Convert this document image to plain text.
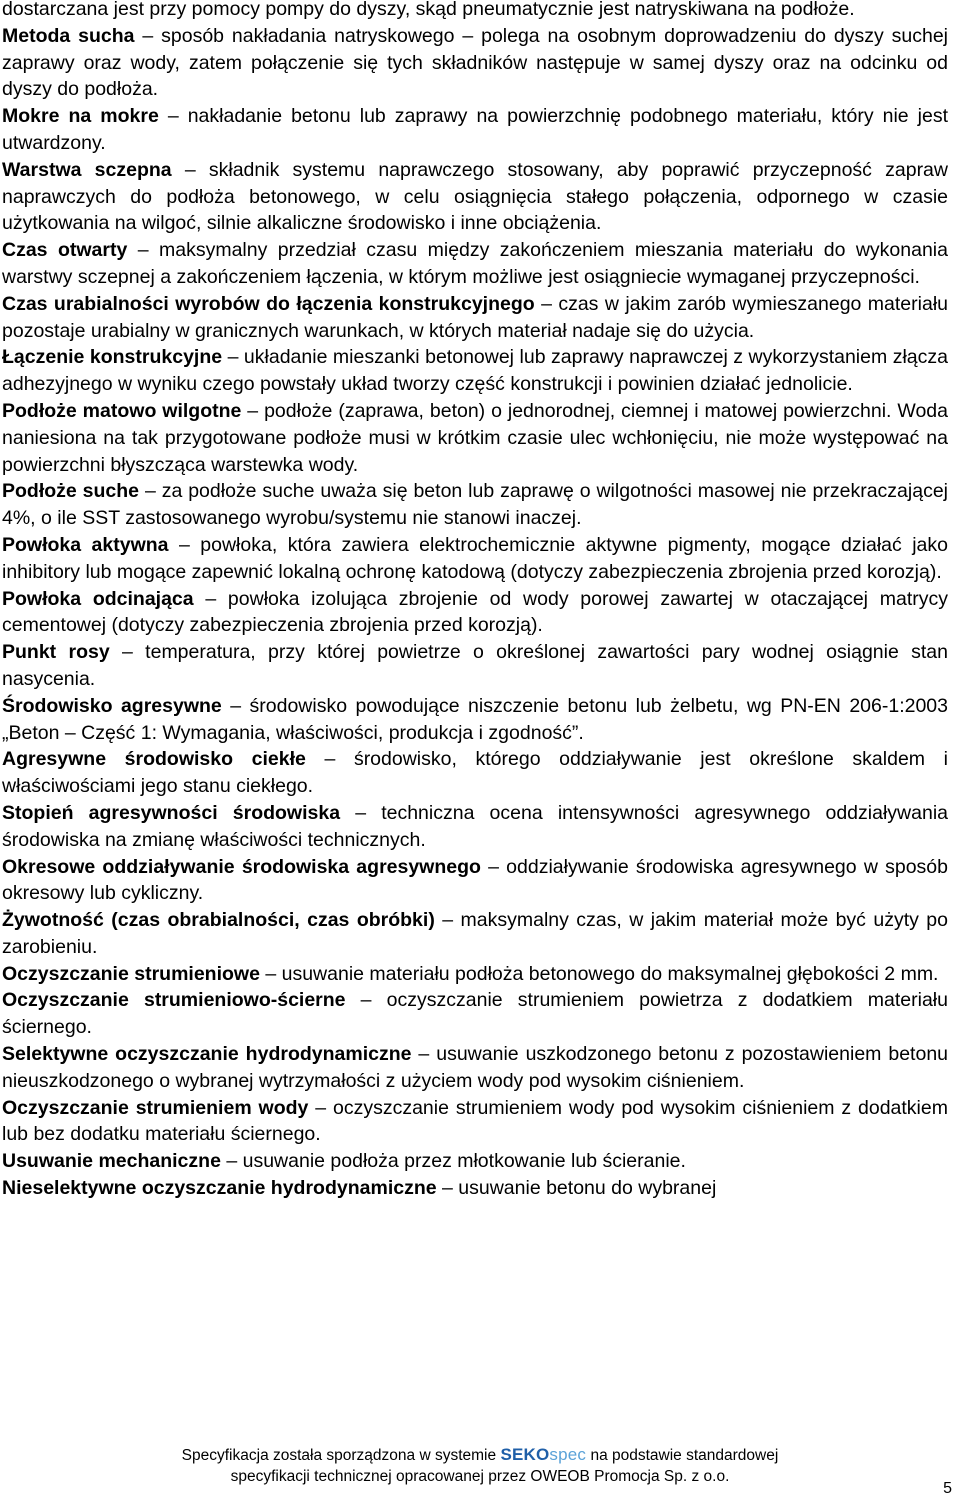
dostarczana jest przy pomocy pompy do dyszy, skąd pneumatycznie jest natryskiwana na podłoże.

Metoda sucha – sposób nakładania natryskowego – polega na osobnym doprowadzeniu do dyszy suchej zaprawy oraz wody, zatem połączenie się tych składników następuje w samej dyszy oraz na odcinku od dyszy do podłoża.

Mokre na mokre – nakładanie betonu lub zaprawy na powierzchnię podobnego materiału, który nie jest utwardzony.

Warstwa sczepna – składnik systemu naprawczego stosowany, aby poprawić przyczepność zapraw naprawczych do podłoża betonowego, w celu osiągnięcia stałego połączenia, odpornego w czasie użytkowania na wilgoć, silnie alkaliczne środowisko i inne obciążenia.

Czas otwarty – maksymalny przedział czasu między zakończeniem mieszania materiału do wykonania warstwy sczepnej a zakończeniem łączenia, w którym możliwe jest osiągniecie wymaganej przyczepności.

Czas urabialności wyrobów do łączenia konstrukcyjnego – czas w jakim zarób wymieszanego materiału pozostaje urabialny w granicznych warunkach, w których materiał nadaje się do użycia.

Łączenie konstrukcyjne – układanie mieszanki betonowej lub zaprawy naprawczej z wykorzystaniem złącza adhezyjnego w wyniku czego powstały układ tworzy część konstrukcji i powinien działać jednolicie.

Podłoże matowo wilgotne – podłoże (zaprawa, beton) o jednorodnej, ciemnej i matowej powierzchni. Woda naniesiona na tak przygotowane podłoże musi w krótkim czasie ulec wchłonięciu, nie może występować na powierzchni błyszcząca warstewka wody.

Podłoże suche – za podłoże suche uważa się beton lub zaprawę o wilgotności masowej nie przekraczającej 4%, o ile SST zastosowanego wyrobu/systemu nie stanowi inaczej.

Powłoka aktywna – powłoka, która zawiera elektrochemicznie aktywne pigmenty, mogące działać jako inhibitory lub mogące zapewnić lokalną ochronę katodową (dotyczy zabezpieczenia zbrojenia przed korozją).

Powłoka odcinająca – powłoka izolująca zbrojenie od wody porowej zawartej w otaczającej matrycy cementowej (dotyczy zabezpieczenia zbrojenia przed korozją).

Punkt rosy – temperatura, przy której powietrze o określonej zawartości pary wodnej osiągnie stan nasycenia.

Środowisko agresywne – środowisko powodujące niszczenie betonu lub żelbetu, wg PN-EN 206-1:2003 „Beton – Część 1: Wymagania, właściwości, produkcja i zgodność”.

Agresywne środowisko ciekłe – środowisko, którego oddziaływanie jest określone skaldem i właściwościami jego stanu ciekłego.

Stopień agresywności środowiska – techniczna ocena intensywności agresywnego oddziaływania środowiska na zmianę właściwości technicznych.

Okresowe oddziaływanie środowiska agresywnego – oddziaływanie środowiska agresywnego w sposób okresowy lub cykliczny.

Żywotność (czas obrabialności, czas obróbki) – maksymalny czas, w jakim materiał może być użyty po zarobieniu.

Oczyszczanie strumieniowe – usuwanie materiału podłoża betonowego do maksymalnej głębokości 2 mm.

Oczyszczanie strumieniowo-ścierne – oczyszczanie strumieniem powietrza z dodatkiem materiału ściernego.

Selektywne oczyszczanie hydrodynamiczne – usuwanie uszkodzonego betonu z pozostawieniem betonu nieuszkodzonego o wybranej wytrzymałości z użyciem wody pod wysokim ciśnieniem.

Oczyszczanie strumieniem wody – oczyszczanie strumieniem wody pod wysokim ciśnieniem z dodatkiem lub bez dodatku materiału ściernego.

Usuwanie mechaniczne – usuwanie podłoża przez młotkowanie lub ścieranie.

Nieselektywne oczyszczanie hydrodynamiczne – usuwanie betonu do wybranej

Specyfikacja została sporządzona w systemie SEKOspec na podstawie standardowej
specyfikacji technicznej opracowanej przez OWEOB Promocja Sp. z o.o.
5
